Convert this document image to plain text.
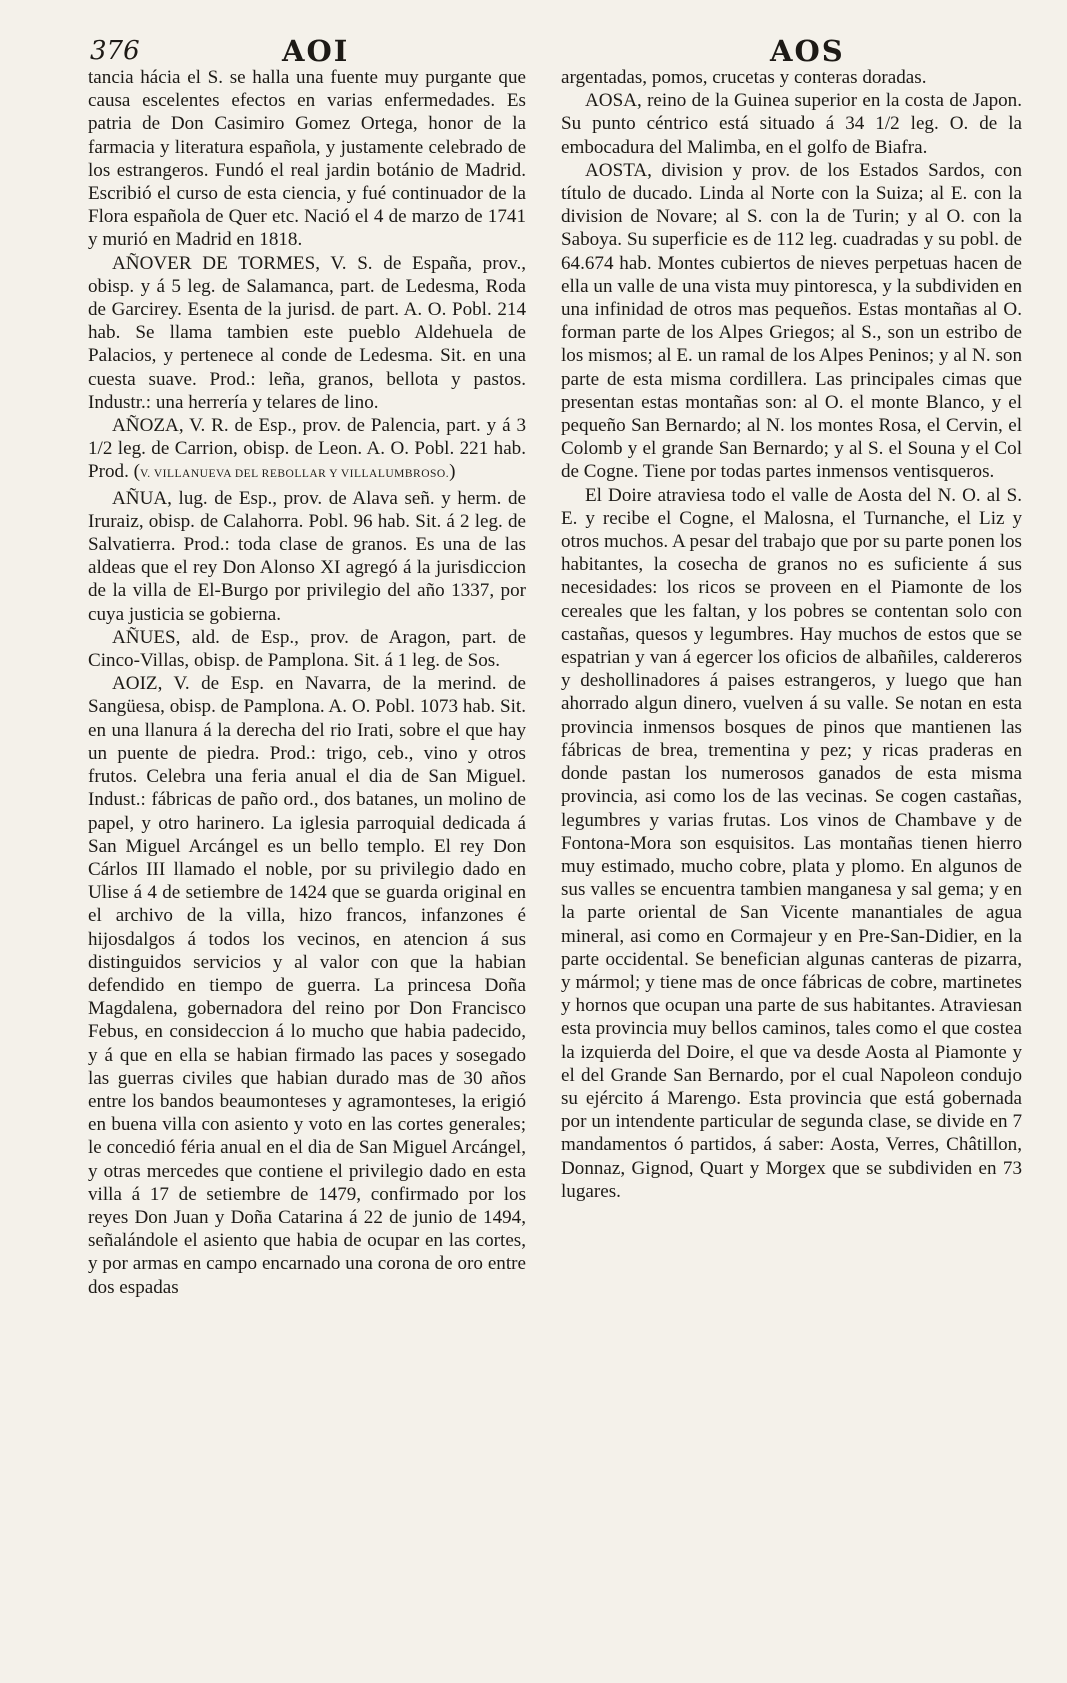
376	AOI	AOS

tancia hácia el S. se halla una fuente muy purgante que causa escelentes efectos en varias enfermedades. Es patria de Don Casimiro Gomez Ortega, honor de la farmacia y literatura española, y justamente celebrado de los estrangeros. Fundó el real jardin botánio de Madrid. Escribió el curso de esta ciencia, y fué continuador de la Flora española de Quer etc. Nació el 4 de marzo de 1741 y murió en Madrid en 1818.

AÑOVER DE TORMES, V. S. de España, prov., obisp. y á 5 leg. de Salamanca, part. de Ledesma, Roda de Garcirey. Esenta de la jurisd. de part. A. O. Pobl. 214 hab. Se llama tambien este pueblo Aldehuela de Palacios, y pertenece al conde de Ledesma. Sit. en una cuesta suave. Prod.: leña, granos, bellota y pastos. Industr.: una herrería y telares de lino.

AÑOZA, V. R. de Esp., prov. de Palencia, part. y á 3 1/2 leg. de Carrion, obisp. de Leon. A. O. Pobl. 221 hab. Prod. (V. VILLANUEVA DEL REBOLLAR Y VILLALUMBROSO.)

AÑUA, lug. de Esp., prov. de Alava señ. y herm. de Iruraiz, obisp. de Calahorra. Pobl. 96 hab. Sit. á 2 leg. de Salvatierra. Prod.: toda clase de granos. Es una de las aldeas que el rey Don Alonso XI agregó á la jurisdiccion de la villa de El-Burgo por privilegio del año 1337, por cuya justicia se gobierna.

AÑUES, ald. de Esp., prov. de Aragon, part. de Cinco-Villas, obisp. de Pamplona. Sit. á 1 leg. de Sos.

AOIZ, V. de Esp. en Navarra, de la merind. de Sangüesa, obisp. de Pamplona. A. O. Pobl. 1073 hab. Sit. en una llanura á la derecha del rio Irati, sobre el que hay un puente de piedra. Prod.: trigo, ceb., vino y otros frutos. Celebra una feria anual el dia de San Miguel. Indust.: fábricas de paño ord., dos batanes, un molino de papel, y otro harinero. La iglesia parroquial dedicada á San Miguel Arcángel es un bello templo. El rey Don Cárlos III llamado el noble, por su privilegio dado en Ulise á 4 de setiembre de 1424 que se guarda original en el archivo de la villa, hizo francos, infanzones é hijosdalgos á todos los vecinos, en atencion á sus distinguidos servicios y al valor con que la habian defendido en tiempo de guerra. La princesa Doña Magdalena, gobernadora del reino por Don Francisco Febus, en consideccion á lo mucho que habia padecido, y á que en ella se habian firmado las paces y sosegado las guerras civiles que habian durado mas de 30 años entre los bandos beaumonteses y agramonteses, la erigió en buena villa con asiento y voto en las cortes generales; le concedió féria anual en el dia de San Miguel Arcángel, y otras mercedes que contiene el privilegio dado en esta villa á 17 de setiembre de 1479, confirmado por los reyes Don Juan y Doña Catarina á 22 de junio de 1494, señalándole el asiento que habia de ocupar en las cortes, y por armas en campo encarnado una corona de oro entre dos espadas

argentadas, pomos, crucetas y conteras doradas.

AOSA, reino de la Guinea superior en la costa de Japon. Su punto céntrico está situado á 34 1/2 leg. O. de la embocadura del Malimba, en el golfo de Biafra.

AOSTA, division y prov. de los Estados Sardos, con título de ducado. Linda al Norte con la Suiza; al E. con la division de Novare; al S. con la de Turin; y al O. con la Saboya. Su superficie es de 112 leg. cuadradas y su pobl. de 64.674 hab. Montes cubiertos de nieves perpetuas hacen de ella un valle de una vista muy pintoresca, y la subdividen en una infinidad de otros mas pequeños. Estas montañas al O. forman parte de los Alpes Griegos; al S., son un estribo de los mismos; al E. un ramal de los Alpes Peninos; y al N. son parte de esta misma cordillera. Las principales cimas que presentan estas montañas son: al O. el monte Blanco, y el pequeño San Bernardo; al N. los montes Rosa, el Cervin, el Colomb y el grande San Bernardo; y al S. el Souna y el Col de Cogne. Tiene por todas partes inmensos ventisqueros.

El Doire atraviesa todo el valle de Aosta del N. O. al S. E. y recibe el Cogne, el Malosna, el Turnanche, el Liz y otros muchos. A pesar del trabajo que por su parte ponen los habitantes, la cosecha de granos no es suficiente á sus necesidades: los ricos se proveen en el Piamonte de los cereales que les faltan, y los pobres se contentan solo con castañas, quesos y legumbres. Hay muchos de estos que se espatrian y van á egercer los oficios de albañiles, caldereros y deshollinadores á paises estrangeros, y luego que han ahorrado algun dinero, vuelven á su valle. Se notan en esta provincia inmensos bosques de pinos que mantienen las fábricas de brea, trementina y pez; y ricas praderas en donde pastan los numerosos ganados de esta misma provincia, asi como los de las vecinas. Se cogen castañas, legumbres y varias frutas. Los vinos de Chambave y de Fontona-Mora son esquisitos. Las montañas tienen hierro muy estimado, mucho cobre, plata y plomo. En algunos de sus valles se encuentra tambien manganesa y sal gema; y en la parte oriental de San Vicente manantiales de agua mineral, asi como en Cormajeur y en Pre-San-Didier, en la parte occidental. Se benefician algunas canteras de pizarra, y mármol; y tiene mas de once fábricas de cobre, martinetes y hornos que ocupan una parte de sus habitantes. Atraviesan esta provincia muy bellos caminos, tales como el que costea la izquierda del Doire, el que va desde Aosta al Piamonte y el del Grande San Bernardo, por el cual Napoleon condujo su ejército á Marengo. Esta provincia que está gobernada por un intendente particular de segunda clase, se divide en 7 mandamentos ó partidos, á saber: Aosta, Verres, Châtillon, Donnaz, Gignod, Quart y Morgex que se subdividen en 73 lugares.
